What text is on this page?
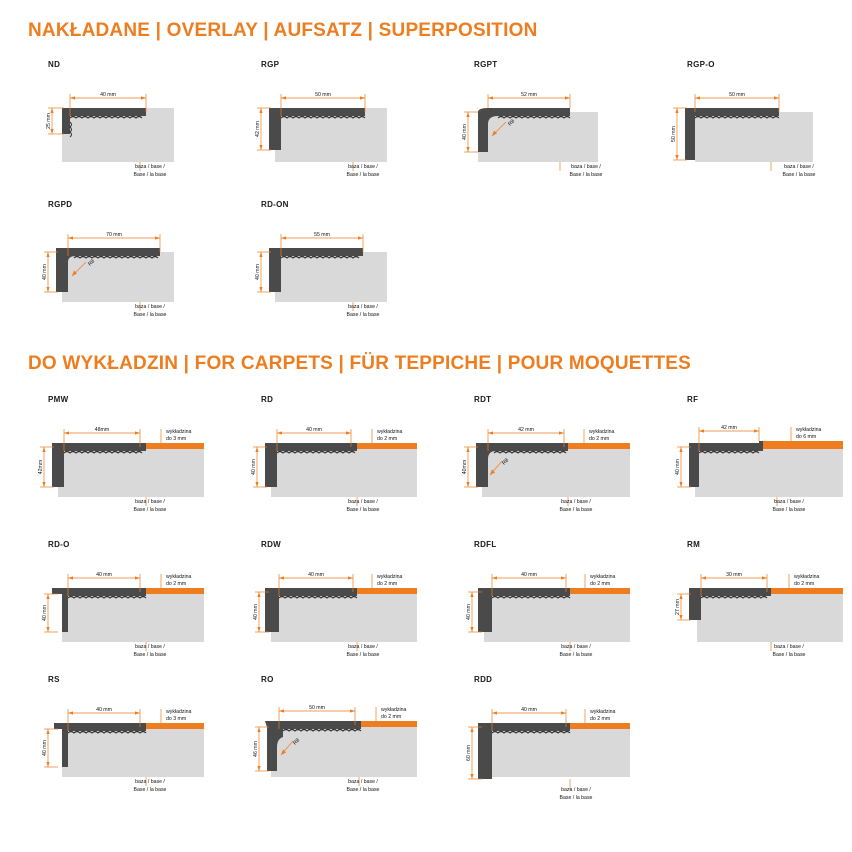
NAKŁADANE | OVERLAY | AUFSATZ | SUPERPOSITION
ND
40 mm
25 mm
baza / base /
Base / la base
RGP
50 mm
42 mm
baza / base /
Base / la base
RGPT
52 mm
40 mm
R8
baza / base /
Base / la base
RGP-O
50 mm
50 mm
baza / base /
Base / la base
RGPD
70 mm
40 mm
R8
baza / base /
Base / la base
RD-ON
55 mm
40 mm
baza / base /
Base / la base
DO WYKŁADZIN | FOR CARPETS | FÜR TEPPICHE | POUR MOQUETTES
PMW
48mm
42mm
wykładzina
do 3 mm
baza / base /
Base / la base
RD
40 mm
40 mm
wykładzina
do 2 mm
baza / base /
Base / la base
RDT
42 mm
40mm	R8
wykładzina
do 2 mm
baza / base /
Base / la base
RF
42 mm
40 mm
wykładzina
do 6 mm
baza / base /
Base / la base
RD-O
40 mm
40 mm
wykładzina
do 2 mm
baza / base /
Base / la base
RDW
40 mm
40 mm
wykładzina
do 2 mm
baza / base /
Base / la base
RDFL
40 mm
40 mm
wykładzina
do 2 mm
baza / base /
Base / la base
RM
30 mm
27 mm
wykładzina
do 2 mm
baza / base /
Base / la base
RS
40 mm
40 mm
wykładzina
do 3 mm
baza / base /
Base / la base
RO
50 mm
46 mm	R8
wykładzina
do 2 mm
baza / base /
Base / la base
RDD
40 mm
60 mm
wykładzina
do 2 mm
baza / base /
Base / la base
